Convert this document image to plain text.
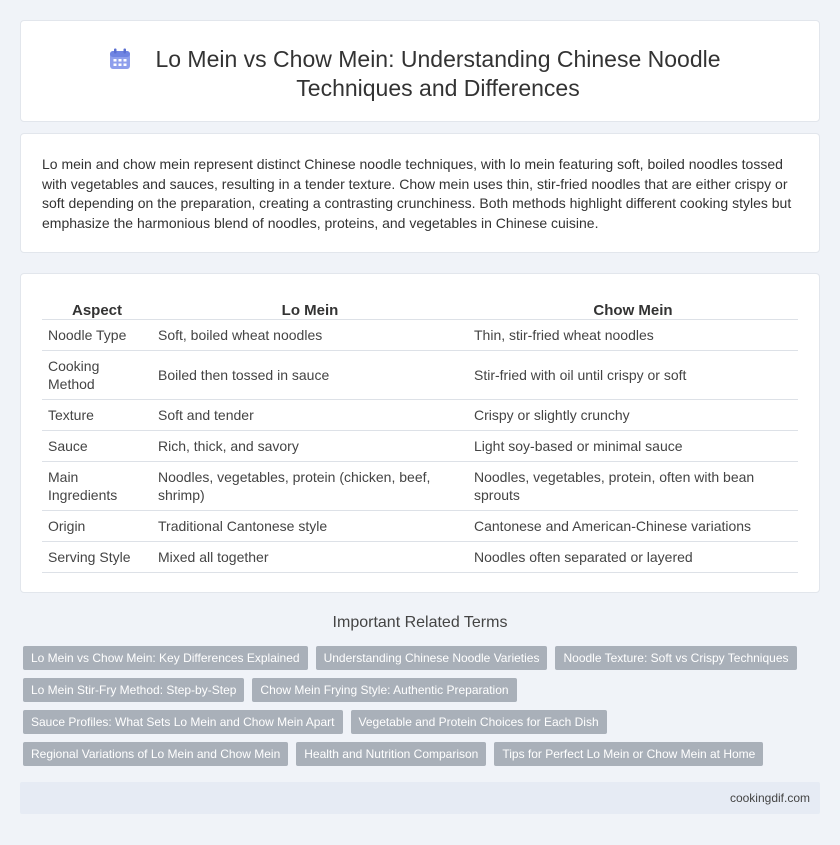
Lo Mein vs Chow Mein: Understanding Chinese Noodle
Techniques and Differences

Lo mein and chow mein represent distinct Chinese noodle techniques, with lo mein featuring soft, boiled noodles tossed with vegetables and sauces, resulting in a tender texture. Chow mein uses thin, stir-fried noodles that are either crispy or soft depending on the preparation, creating a contrasting crunchiness. Both methods highlight different cooking styles but emphasize the harmonious blend of noodles, proteins, and vegetables in Chinese cuisine.

Aspect	Lo Mein	Chow Mein
Noodle Type	Soft, boiled wheat noodles	Thin, stir-fried wheat noodles
Cooking Method	Boiled then tossed in sauce	Stir-fried with oil until crispy or soft
Texture	Soft and tender	Crispy or slightly crunchy
Sauce	Rich, thick, and savory	Light soy-based or minimal sauce
Main Ingredients	Noodles, vegetables, protein (chicken, beef, shrimp)	Noodles, vegetables, protein, often with bean sprouts
Origin	Traditional Cantonese style	Cantonese and American-Chinese variations
Serving Style	Mixed all together	Noodles often separated or layered
Important Related Terms
Lo Mein vs Chow Mein: Key Differences Explained	Understanding Chinese Noodle Varieties	Noodle Texture: Soft vs Crispy Techniques
Lo Mein Stir-Fry Method: Step-by-Step	Chow Mein Frying Style: Authentic Preparation
Sauce Profiles: What Sets Lo Mein and Chow Mein Apart	Vegetable and Protein Choices for Each Dish
Regional Variations of Lo Mein and Chow Mein	Health and Nutrition Comparison	Tips for Perfect Lo Mein or Chow Mein at Home
cookingdif.com
